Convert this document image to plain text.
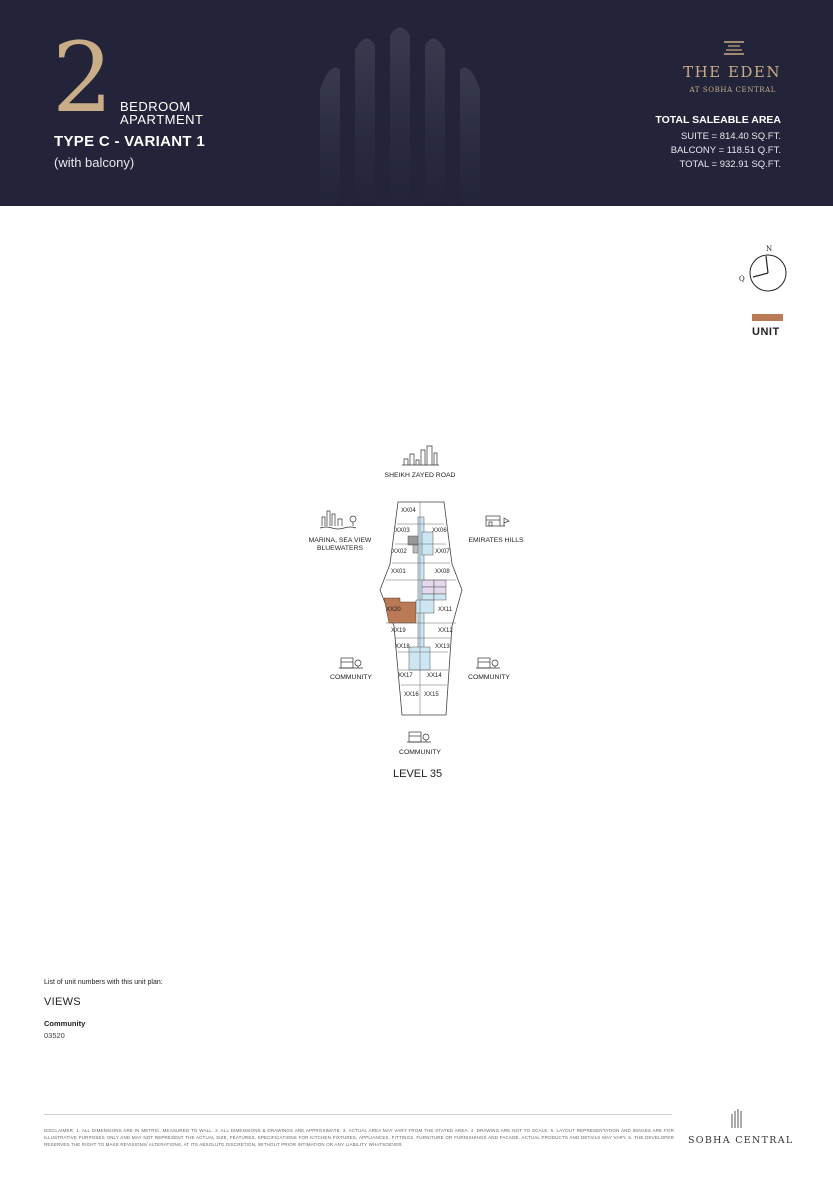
2 BEDROOM
APARTMENT
TYPE C - VARIANT 1
(with balcony)
THE EDEN
AT SOBHA CENTRAL
TOTAL SALEABLE AREA
SUITE = 814.40 SQ.FT.
BALCONY = 118.51 Q.FT.
TOTAL = 932.91 SQ.FT.
N
Q
UNIT
SHEIKH ZAYED ROAD
MARINA, SEA VIEW
BLUEWATERS
EMIRATES HILLS
COMMUNITY	COMMUNITY
COMMUNITY
XX04
XX03	XX06
XX02	XX07
XX01	XX08
XX20	XX11
XX19	XX12
XX18	XX13
XX17 XX14
XX16 XX15
LEVEL 35
List of unit numbers with this unit plan:
VIEWS
Community
03520
DISCLAIMER: 1. ALL DIMENSIONS ARE IN METRIC, MEASURED TO WALL. 2. ALL DIMENSIONS & DRAWINGS ARE APPROXIMATE. 3. ACTUAL AREA MAY VARY FROM THE STATED AREA. 4. DRAWING ARE NOT TO SCALE. 5. LAYOUT REPRESENTATION AND IMAGES ARE FOR ILLUSTRATIVE PURPOSES ONLY AND MAY NOT REPRESENT THE ACTUAL SIZE, FEATURES, SPECIFICATIONS FOR KITCHEN FIXTURES, APPLIANCES, FITTINGS, FURNITURE OR FURNISHINGS AND FACADE. ACTUAL PRODUCTS AND DETAILS MAY VARY. 6. THE DEVELOPER RESERVES THE RIGHT TO MAKE REVISIONS/ ALTERATIONS, AT ITS ABSOLUTE DISCRETION, WITHOUT PRIOR INTIMATION OR ANY LIABILITY WHATSOEVER.	SOBHA CENTRAL
